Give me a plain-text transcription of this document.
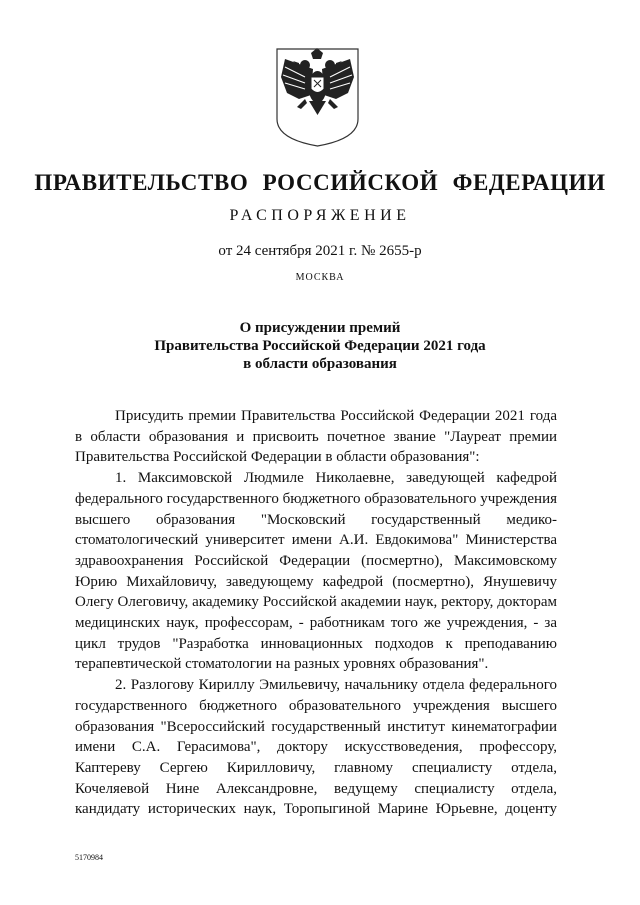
ПРАВИТЕЛЬСТВО РОССИЙСКОЙ ФЕДЕРАЦИИ
РАСПОРЯЖЕНИЕ
от 24 сентября 2021 г. № 2655-р
МОСКВА
О присуждении премий
Правительства Российской Федерации 2021 года
в области образования

Присудить премии Правительства Российской Федерации 2021 года в области образования и присвоить почетное звание "Лауреат премии Правительства Российской Федерации в области образования":

1. Максимовской Людмиле Николаевне, заведующей кафедрой федерального государственного бюджетного образовательного учреждения высшего образования "Московский государственный медико-стоматологический университет имени А.И. Евдокимова" Министерства здравоохранения Российской Федерации (посмертно), Максимовскому Юрию Михайловичу, заведующему кафедрой (посмертно), Янушевичу Олегу Олеговичу, академику Российской академии наук, ректору, докторам медицинских наук, профессорам, - работникам того же учреждения, - за цикл трудов "Разработка инновационных подходов к преподаванию терапевтической стоматологии на разных уровнях образования".

2. Разлогову Кириллу Эмильевичу, начальнику отдела федерального государственного бюджетного образовательного учреждения высшего образования "Всероссийский государственный институт кинематографии имени С.А. Герасимова", доктору искусствоведения, профессору, Каптереву Сергею Кирилловичу, главному специалисту отдела, Кочеляевой Нине Александровне, ведущему специалисту отдела, кандидату исторических наук, Торопыгиной Марине Юрьевне, доценту

5170984
